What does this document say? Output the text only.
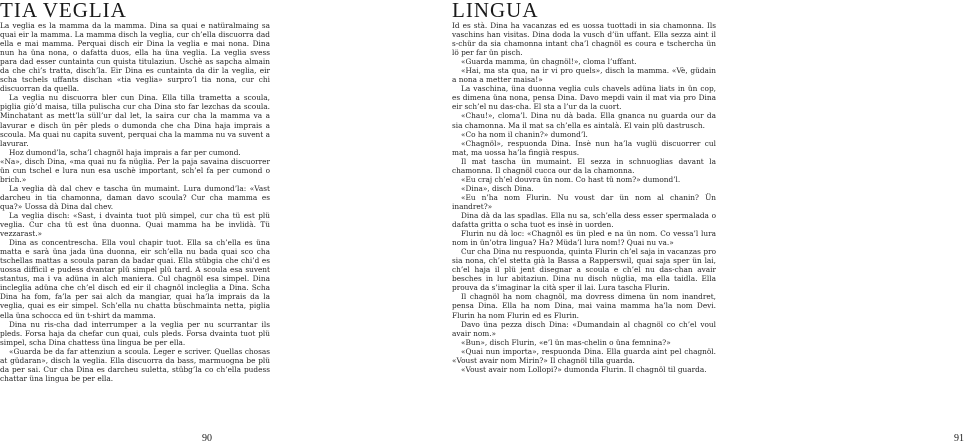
TIA VEGLIA

La veglia es la mamma da la mamma. Dina sa quai e natüralmaing sa quai eir la mamma. La mamma disch la veglia, cur ch’ella discuorra dad ella e mai mamma. Perquai disch eir Dina la veglia e mai nona. Dina nun ha üna nona, o dafatta duos, ella ha üna veglia. La veglia svess para dad esser cuntainta cun quista titulaziun. Uschè as sapcha almain da che chi’s tratta, disch’la. Eir Dina es cuntainta da dir la veglia, eir scha tschels uffants dischan «tia veglia» surpro’l tia nona, cur chi discuorran da quella.

La veglia nu discuorra bler cun Dina. Ella tilla trametta a scoula, piglia giò’d maisa, tilla pulischa cur cha Dina sto far lezchas da scoula. Minchatant as mett’la süll’ur dal let, la saira cur cha la mamma va a lavurar e disch ün pêr pleds o dumonda che cha Dina haja imprais a scoula. Ma quai nu capita suvent, perquai cha la mamma nu va suvent a lavurar.

Hoz dumond’la, scha’l chagnöl haja imprais a far per cumond.

«Na», disch Dina, «ma quai nu fa nüglia. Per la paja savaina discuorrer ün cun tschel e lura nun esa uschè important, sch’el fa per cumond o brich.»

La veglia dà dal chev e tascha ün mumaint. Lura dumond’la: «Vast darcheu in tia chamonna, daman davo scoula? Cur cha mamma es qua?» Uossa dà Dina dal chev.

La veglia disch: «Sast, i dvainta tuot plü simpel, cur cha tü est plü veglia. Cur cha tü est üna duonna. Quai mamma ha be invlidà. Tü vezzarast.»

Dina as concentrescha. Ella voul chapir tuot. Ella sa ch’ella es üna matta e sarà üna jada üna duonna, eir sch’ella nu bada quai sco cha tschellas mattas a scoula paran da badar quai. Ella stübgia che chi’d es uossa difficil e pudess dvantar plü simpel plü tard. A scoula esa suvent stantus, ma i va adüna in alch maniera. Cul chagnöl esa simpel. Dina incleglia adüna che ch’el disch ed eir il chagnöl incleglia a Dina. Scha Dina ha fom, fa’la per sai alch da mangiar, quai ha’la imprais da la veglia, quai es eir simpel. Sch’ella nu chatta büschmainta netta, piglia ella üna schocca ed ün t-shirt da mamma.

Dina nu ris-cha dad interrumper a la veglia per nu scurrantar ils pleds. Forsa haja da chefar cun quai, culs pleds. Forsa dvainta tuot plü simpel, scha Dina chattess üna lingua be per ella.

«Guarda be da far attenziun a scoula. Leger e scriver. Quellas chosas at güdaran», disch la veglia. Ella discuorra da bass, marmuogna be plü da per sai. Cur cha Dina es darcheu suletta, stübg’la co ch’ella pudess chattar üna lingua be per ella.

90
LINGUA

Id es stà. Dina ha vacanzas ed es uossa tuottadi in sia chamonna. Ils vaschins han visitas. Dina doda la vusch d’ün uffant. Ella sezza aint il s-chür da sia chamonna intant cha’l chagnöl es coura e tschercha ün lö per far ün pisch.

«Guarda mamma, ün chagnöl!», cloma l’uffant.

«Hai, ma sta qua, na ir vi pro quels», disch la mamma. «Vè, güdain a nona a metter maisa!»

La vaschina, üna duonna veglia culs chavels adüna lіats in ün cop, es dimena üna nona, pensa Dina. Davo mepdi vain il mat via pro Dina eir sch’el nu das-cha. El sta a l’ur da la cuort.

«Chau!», cloma’l. Dina nu dà bada. Ella gnanca nu guarda our da sia chamonna. Ma il mat sa ch’ella es aintalà. El vain plü dastrusch.

«Co ha nom il chanin?» dumond’l.

«Chagnöl», respuonda Dina. Insè nun ha’la vuglü discuorrer cul mat, ma uossa ha’la fingià respus.

Il mat tascha ün mumaint. El sezza in schnuoglias davant la chamonna. Il chagnöl cucca our da la chamonna.

«Eu craj ch’el douvra ün nom. Co hast tü nom?» dumond’l.

«Dina», disch Dina.

«Eu n’ha nom Flurin. Nu voust dar ün nom al chanin? Ün inandret?»

Dina dà da las spadlas. Ella nu sa, sch’ella dess esser spermalada o dafatta gritta o scha tuot es insè in uorden.

Flurin nu dà loc: «Chagnöl es ün pled e na ün nom. Co vessa’l lura nom in ün’otra lingua? Ha? Müda’l lura nom!? Quai nu va.»

Cur cha Dina nu respuonda, quinta Flurin ch’el saja in vacanzas pro sia nona, ch’el stetta già la Bassa a Rapperswil, quai saja sper ün lai, ch’el haja il plü jent disegnar a scoula e ch’el nu das-chan avair besches in lur abitaziun. Dina nu disch nüglia, ma ella taidla. Ella prouva da s’imaginar la cità sper il lai. Lura tascha Flurin.

Il chagnöl ha nom chagnöl, ma dovress dimena ün nom inandret, pensa Dina. Ella ha nom Dina, mai vaina mamma ha’la nom Devi. Flurin ha nom Flurin ed es Flurin.

Davo üna pezza disch Dina: «Dumandain al chagnöl co ch’el voul avair nom.»

«Bun», disch Flurin, «e’l ün mas-chelin o üna femnina?»

«Quai nun importa», respuonda Dina. Ella guarda aint pel chagnöl. «Voust avair nom Mirin?» Il chagnöl tilla guarda.

«Voust avair nom Lollopi?» dumonda Flurin. Il chagnöl til guarda.

91
